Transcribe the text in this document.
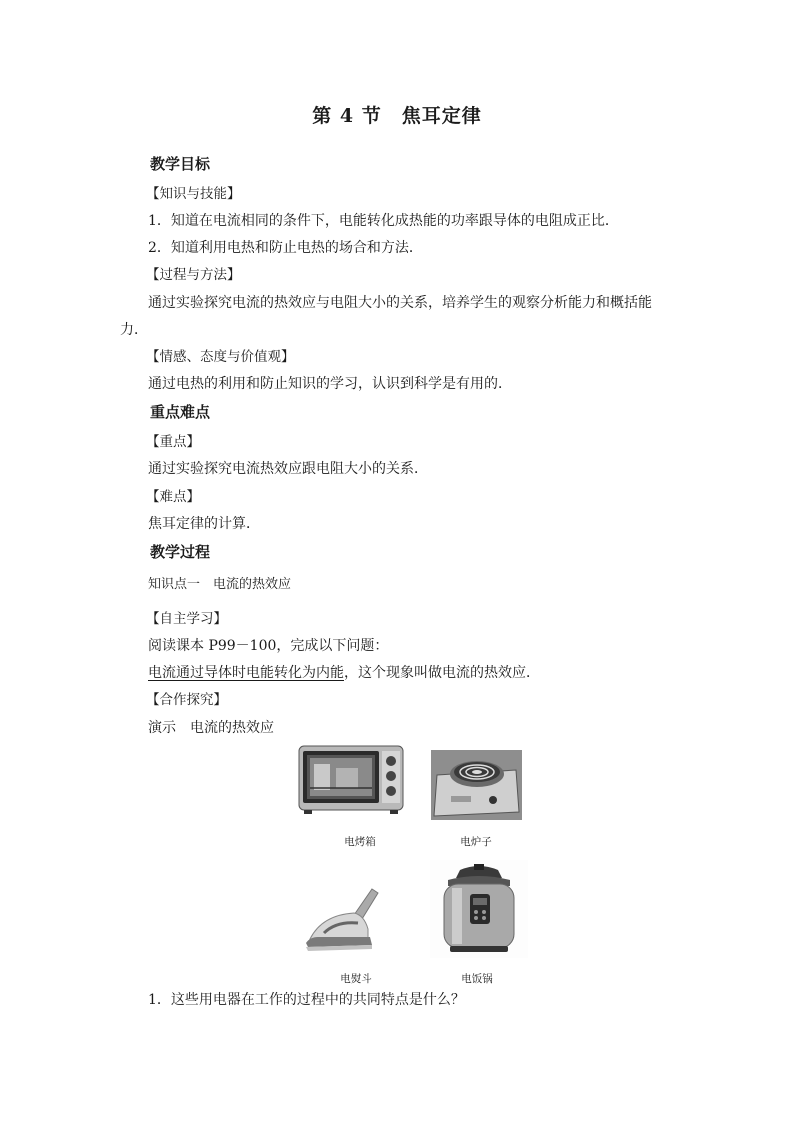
第 4 节　焦耳定律
教学目标
【知识与技能】
1．知道在电流相同的条件下，电能转化成热能的功率跟导体的电阻成正比．
2．知道利用电热和防止电热的场合和方法．
【过程与方法】
通过实验探究电流的热效应与电阻大小的关系，培养学生的观察分析能力和概括能
力．
【情感、态度与价值观】
通过电热的利用和防止知识的学习，认识到科学是有用的．
重点难点
【重点】
通过实验探究电流热效应跟电阻大小的关系．
【难点】
焦耳定律的计算．
教学过程
知识点一　电流的热效应
【自主学习】
阅读课本 P99－100，完成以下问题：
电流通过导体时电能转化为内能，这个现象叫做电流的热效应．
【合作探究】
演示　电流的热效应
电烤箱	电炉子
电熨斗	电饭锅
1．这些用电器在工作的过程中的共同特点是什么？
